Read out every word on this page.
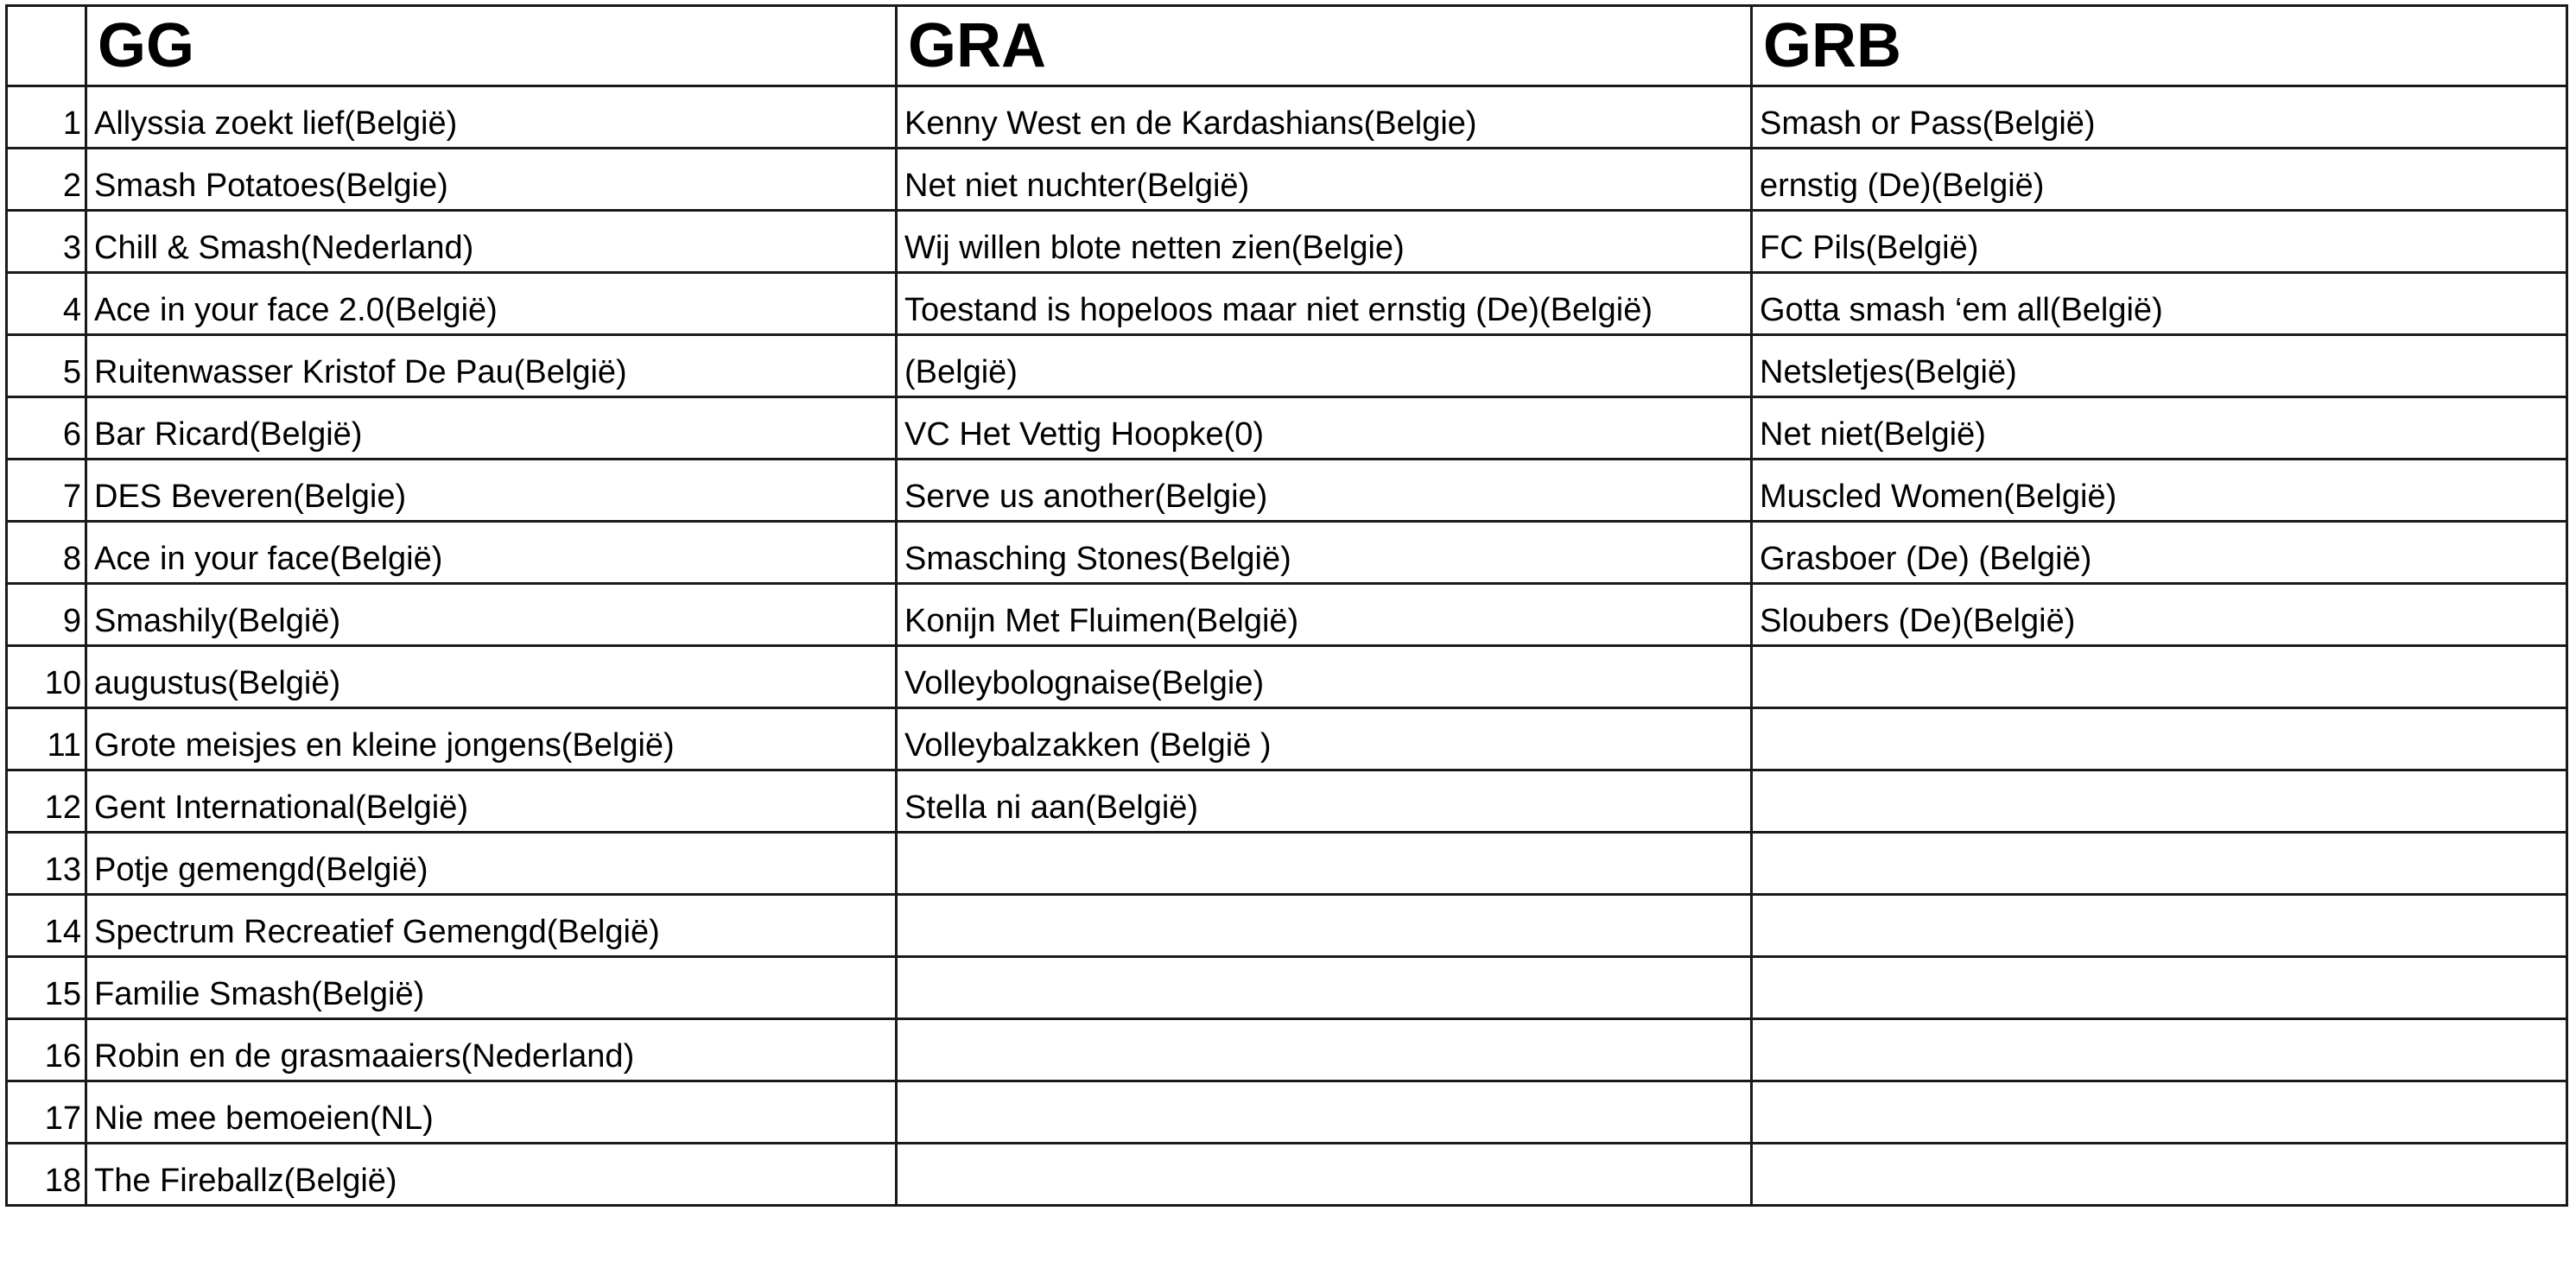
	GG	GRA	GRB
1	Allyssia zoekt lief(België)	Kenny West en de Kardashians(Belgie)	Smash or Pass(België)
2	Smash Potatoes(Belgie)	Net niet nuchter(België)	ernstig (De)(België)
3	Chill & Smash(Nederland)	Wij willen blote netten zien(Belgie)	FC Pils(België)
4	Ace in your face 2.0(België)	Toestand is hopeloos maar niet ernstig (De)(België)	Gotta smash ‘em all(België)
5	Ruitenwasser Kristof De Pau(België)	(België)	Netsletjes(België)
6	Bar Ricard(België)	VC Het Vettig Hoopke(0)	Net niet(België)
7	DES Beveren(Belgie)	Serve us another(Belgie)	Muscled Women(België)
8	Ace in your face(België)	Smasching Stones(België)	Grasboer (De) (België)
9	Smashily(België)	Konijn Met Fluimen(België)	Sloubers (De)(België)
10	augustus(België)	Volleybolognaise(Belgie)	
11	Grote meisjes en kleine jongens(België)	Volleybalzakken (België )	
12	Gent International(België)	Stella ni aan(België)	
13	Potje gemengd(België)		
14	Spectrum Recreatief Gemengd(België)		
15	Familie Smash(België)		
16	Robin en de grasmaaiers(Nederland)		
17	Nie mee bemoeien(NL)		
18	The Fireballz(België)		
